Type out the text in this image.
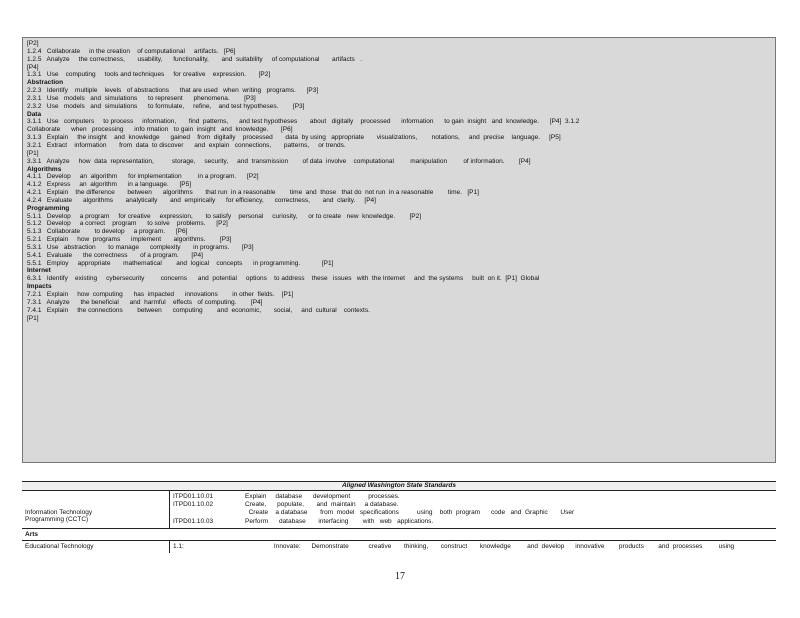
[P2]
1.2.4   Collaborate     in the creation    of computational     artifacts.   [P6]
1.2.5   Analyze     the correctness,       usability,      functionality,       and  suitability     of computational       artifacts   .
[P4]
1.3.1   Use    computing     tools and techniques     for creative    expression.       [P2]
Abstraction
2.2.3   Identify    multiple    levels   of abstractions      that are used   when  writing   programs.      [P3]
2.3.1   Use   models   and  simulations      to represent      phenomena.        [P3]
2.3.2   Use   models   and  simulations      to formulate,     refine,    and test hypotheses.        [P3]
Data
3.1.1   Use   computers     to process     information,       find  patterns,      and test hypotheses       about   digitally    processed      information      to gain  insight   and  knowledge.      [P4]  3.1.2
Collaborate      when   processing      info rmation   to gain  insight   and  knowledge.       [P6]
3.1.3   Explain     the insight    and  knowledge      gained    from  digitally    processed       data  by using   appropriate       visualizations,        notations,     and  precise    language.     [P5]
3.2.1   Extract    information       from  data  to discover      and  explain   connections,       patterns,     or trends.
[P1]
3.3.1   Analyze     how  data  representation,          storage,     security,     and  transmission        of data  involve    computational         manipulation         of information.        [P4]
Algorithms
4.1.1   Develop     an  algorithm      for implementation         in a program.      [P2]
4.1.2   Express     an  algorithm      in a language.      [P5]
4.2.1   Explain    the difference       between      algorithms       that run  in a reasonable        time  and  those   that do  not run  in a reasonable        time.   [P1]
4.2.4   Evaluate      algorithms       analytically       and  empirically      for efficiency,      correctness,       and  clarity.     [P4]
Programming
5.1.1   Develop     a program     for creative     expression,       to satisfy    personal     curiosity,      or to create   new  knowledge.        [P2]
5.1.2   Develop     a correct    program      to solve    problems.      [P2]
5.1.3   Collaborate        to develop     a program.      [P6]
5.2.1   Explain     how  programs      implement       algorithms.        [P3]
5.3.1   Use   abstraction       to manage      complexity       in programs.       [P3]
5.4.1   Evaluate      the correctness       of a program.       [P4]
5.5.1   Employ     appropriate       mathematical        and  logical    concepts      in programming.            [P1]
Internet
6.3.1   Identify    existing     cybersecurity         concerns      and  potential     options    to address    these   issues   with  the Internet     and  the systems     built  on it.  [P1]  Global
Impacts
7.2.1   Explain     how  computing      has  impacted      innovations        in other  fields.    [P1]
7.3.1   Analyze      the beneficial      and  harmful    effects   of computing.        [P4]
7.4.1   Explain     the connections        between      computing        and  economic,       social,     and  cultural    contexts.
[P1]
Aligned Washington State Standards
Information Technology
Programming (CCTC)
ITPD01.10.01	Explain     database      development          processes.
ITPD01.10.02	Create,      populate,       and  maintain     a database.
Create    a database       from  model   specifications          using    both  program      code   and  Graphic       User
ITPD01.10.03	Perform      database       interfacing        with   web   applications.
Arts
Educational Technology	1.1:	Innovate:      Demonstrate           creative       thinking,       construct       knowledge         and  develop      innovative        products        and  processes         using
17
